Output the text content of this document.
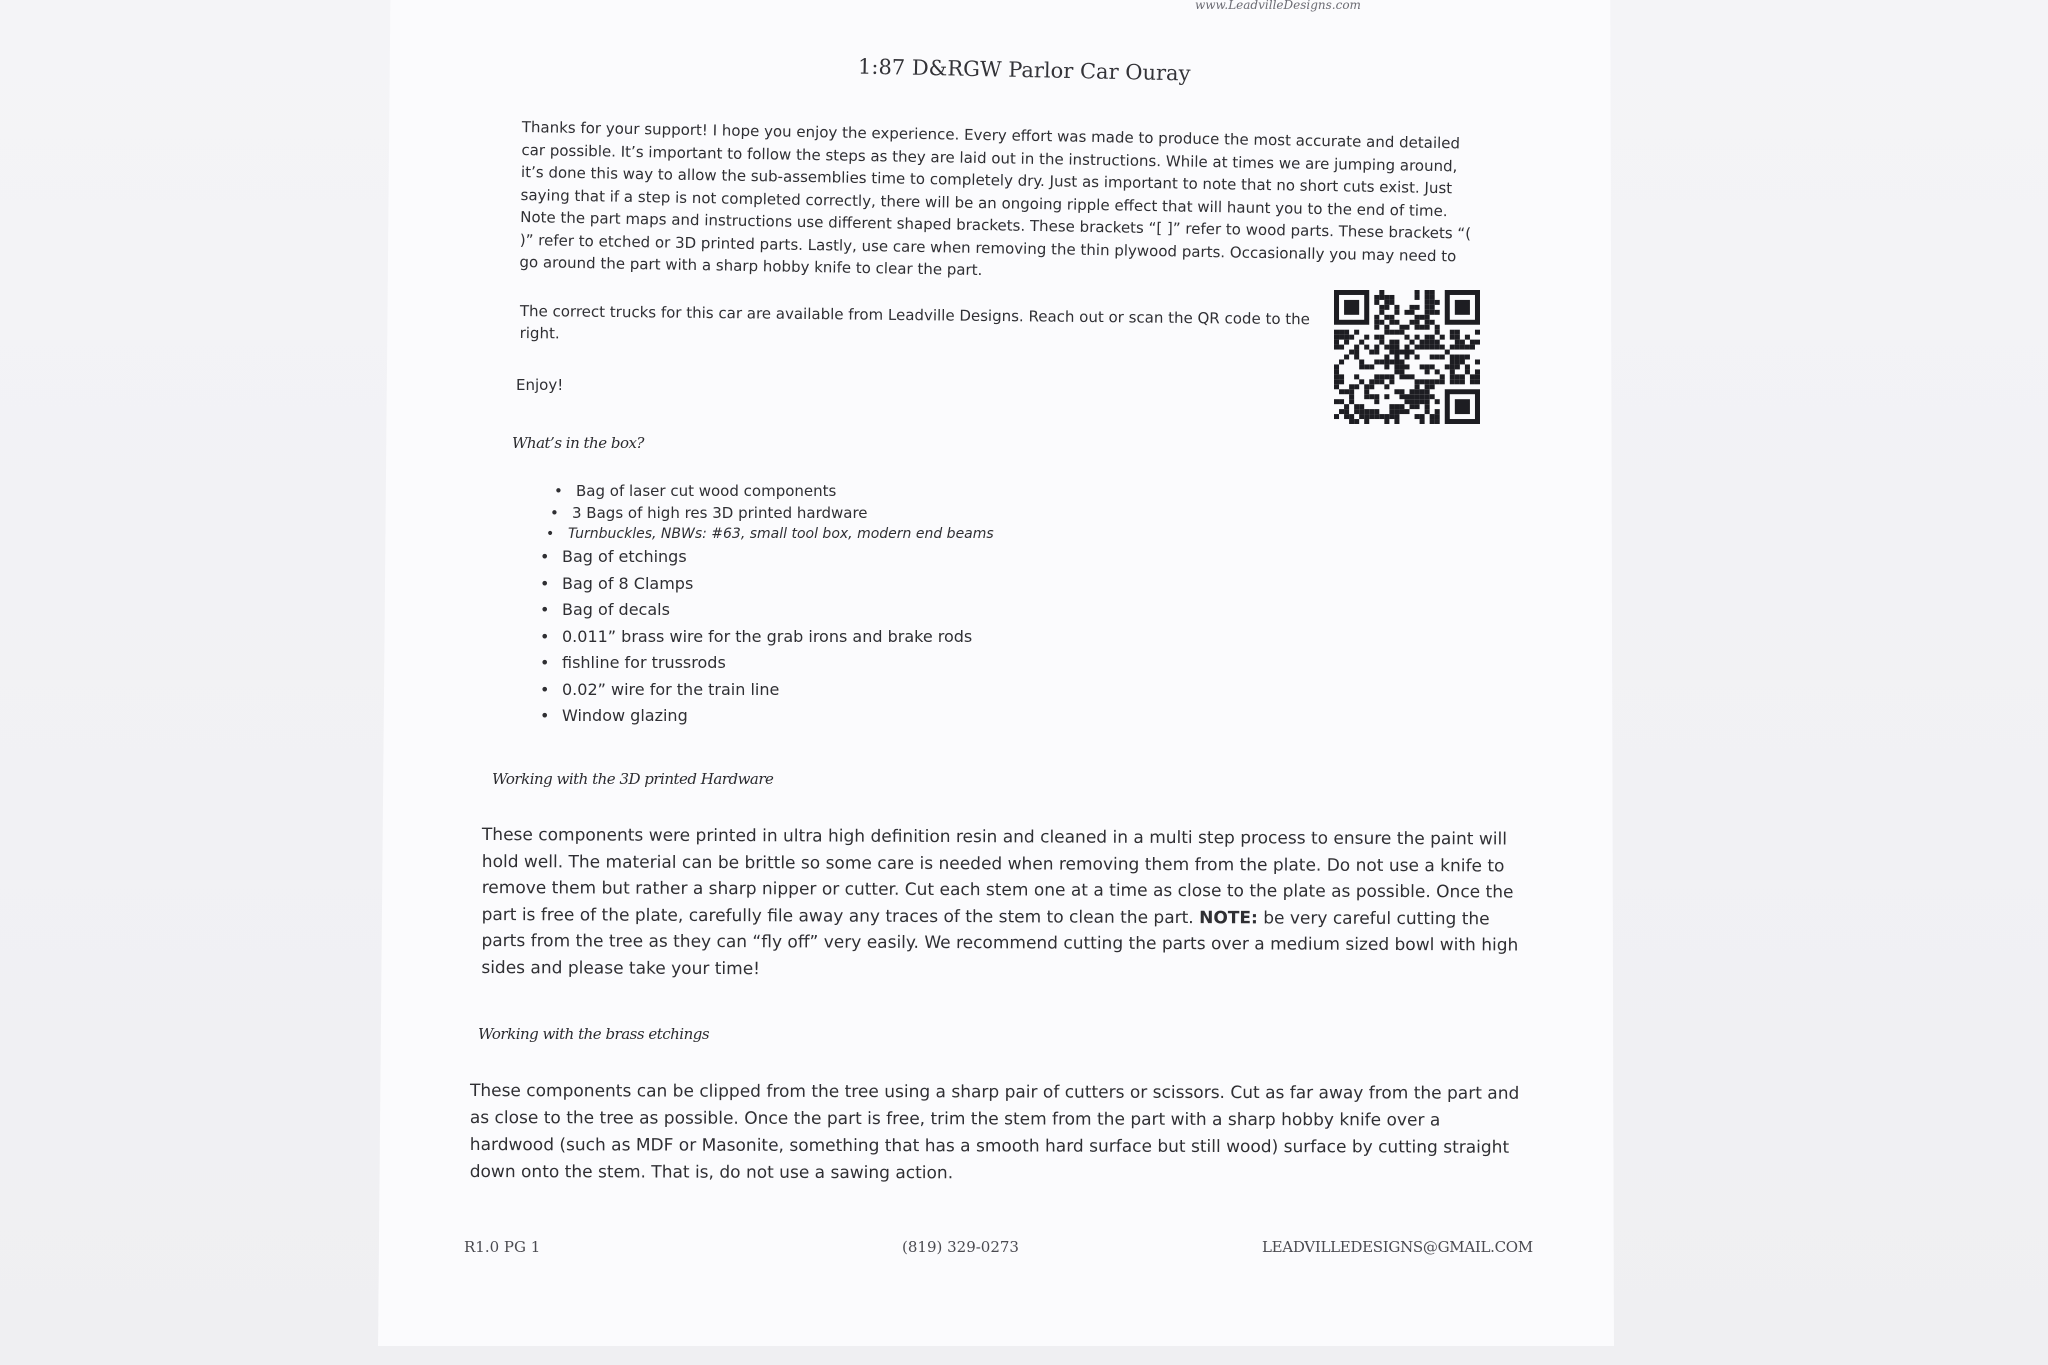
www.LeadvilleDesigns.com
1:87 D&RGW Parlor Car Ouray

Thanks for your support! I hope you enjoy the experience. Every effort was made to produce the most accurate and detailed car possible. It’s important to follow the steps as they are laid out in the instructions. While at times we are jumping around, it’s done this way to allow the sub-assemblies time to completely dry. Just as important to note that no short cuts exist. Just saying that if a step is not completed correctly, there will be an ongoing ripple effect that will haunt you to the end of time. Note the part maps and instructions use different shaped brackets. These brackets “[ ]” refer to wood parts. These brackets “( )” refer to etched or 3D printed parts. Lastly, use care when removing the thin plywood parts. Occasionally you may need to go around the part with a sharp hobby knife to clear the part.

The correct trucks for this car are available from Leadville Designs. Reach out or scan the QR code to the right.
Enjoy!
What’s in the box?
• Bag of laser cut wood components
• 3 Bags of high res 3D printed hardware
• Turnbuckles, NBWs: #63, small tool box, modern end beams
• Bag of etchings
• Bag of 8 Clamps
• Bag of decals
• 0.011” brass wire for the grab irons and brake rods
• fishline for trussrods
• 0.02” wire for the train line
• Window glazing
Working with the 3D printed Hardware

These components were printed in ultra high definition resin and cleaned in a multi step process to ensure the paint will hold well. The material can be brittle so some care is needed when removing them from the plate. Do not use a knife to remove them but rather a sharp nipper or cutter. Cut each stem one at a time as close to the plate as possible. Once the part is free of the plate, carefully file away any traces of the stem to clean the part. NOTE: be very careful cutting the parts from the tree as they can “fly off” very easily. We recommend cutting the parts over a medium sized bowl with high sides and please take your time!

Working with the brass etchings

These components can be clipped from the tree using a sharp pair of cutters or scissors. Cut as far away from the part and as close to the tree as possible. Once the part is free, trim the stem from the part with a sharp hobby knife over a hardwood (such as MDF or Masonite, something that has a smooth hard surface but still wood) surface by cutting straight down onto the stem. That is, do not use a sawing action.

R1.0 PG 1	(819) 329-0273	LEADVILLEDESIGNS@GMAIL.COM
